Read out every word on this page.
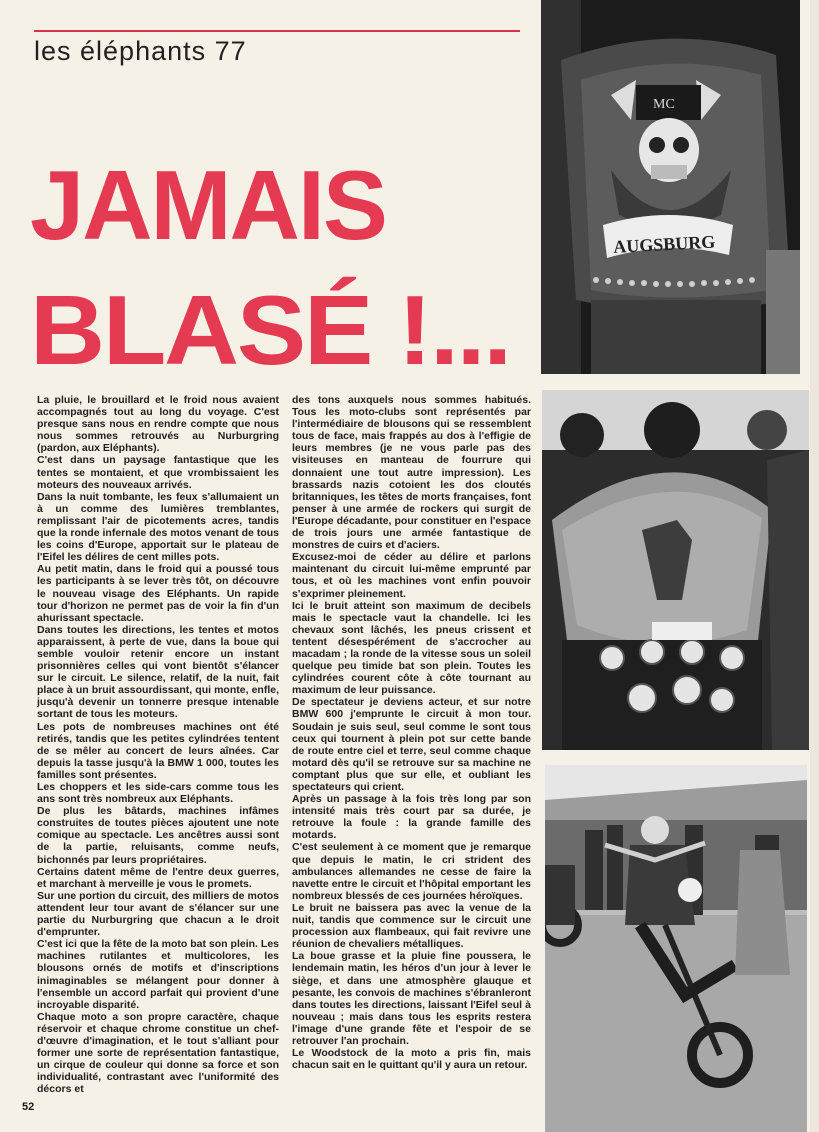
les éléphants 77
JAMAIS
BLASÉ !...

La pluie, le brouillard et le froid nous avaient accompagnés tout au long du voyage. C'est presque sans nous en rendre compte que nous nous sommes retrouvés au Nurburgring (pardon, aux Eléphants).

C'est dans un paysage fantastique que les tentes se montaient, et que vrombissaient les moteurs des nouveaux arrivés.

Dans la nuit tombante, les feux s'allumaient un à un comme des lumières tremblantes, remplissant l'air de picotements acres, tandis que la ronde infernale des motos venant de tous les coins d'Europe, apportait sur le plateau de l'Eifel les délires de cent milles pots.

Au petit matin, dans le froid qui a poussé tous les participants à se lever très tôt, on découvre le nouveau visage des Eléphants. Un rapide tour d'horizon ne permet pas de voir la fin d'un ahurissant spectacle.

Dans toutes les directions, les tentes et motos apparaissent, à perte de vue, dans la boue qui semble vouloir retenir encore un instant prisonnières celles qui vont bientôt s'élancer sur le circuit. Le silence, relatif, de la nuit, fait place à un bruit assourdissant, qui monte, enfle, jusqu'à devenir un tonnerre presque intenable sortant de tous les moteurs.

Les pots de nombreuses machines ont été retirés, tandis que les petites cylindrées tentent de se mêler au concert de leurs aînées. Car depuis la tasse jusqu'à la BMW 1 000, toutes les familles sont présentes.

Les choppers et les side-cars comme tous les ans sont très nombreux aux Eléphants.

De plus les bâtards, machines infâmes construites de toutes pièces ajoutent une note comique au spectacle. Les ancêtres aussi sont de la partie, reluisants, comme neufs, bichonnés par leurs propriétaires.

Certains datent même de l'entre deux guerres, et marchant à merveille je vous le promets.

Sur une portion du circuit, des milliers de motos attendent leur tour avant de s'élancer sur une partie du Nurburgring que chacun a le droit d'emprunter.

C'est ici que la fête de la moto bat son plein. Les machines rutilantes et multicolores, les blousons ornés de motifs et d'inscriptions inimaginables se mélangent pour donner à l'ensemble un accord parfait qui provient d'une incroyable disparité.

Chaque moto a son propre caractère, chaque réservoir et chaque chrome constitue un chef-d'œuvre d'imagination, et le tout s'alliant pour former une sorte de représentation fantastique, un cirque de couleur qui donne sa force et son individualité, contrastant avec l'uniformité des décors et

des tons auxquels nous sommes habitués. Tous les moto-clubs sont représentés par l'intermédiaire de blousons qui se ressemblent tous de face, mais frappés au dos à l'effigie de leurs membres (je ne vous parle pas des visiteuses en manteau de fourrure qui donnaient une tout autre impression). Les brassards nazis cotoient les dos cloutés britanniques, les têtes de morts françaises, font penser à une armée de rockers qui surgit de l'Europe décadante, pour constituer en l'espace de trois jours une armée fantastique de monstres de cuirs et d'aciers.

Excusez-moi de céder au délire et parlons maintenant du circuit lui-même emprunté par tous, et où les machines vont enfin pouvoir s'exprimer pleinement.

Ici le bruit atteint son maximum de decibels mais le spectacle vaut la chandelle. Ici les chevaux sont lâchés, les pneus crissent et tentent désespérément de s'accrocher au macadam ; la ronde de la vitesse sous un soleil quelque peu timide bat son plein. Toutes les cylindrées courent côte à côte tournant au maximum de leur puissance.

De spectateur je deviens acteur, et sur notre BMW 600 j'emprunte le circuit à mon tour. Soudain je suis seul, seul comme le sont tous ceux qui tournent à plein pot sur cette bande de route entre ciel et terre, seul comme chaque motard dès qu'il se retrouve sur sa machine ne comptant plus que sur elle, et oubliant les spectateurs qui crient.

Après un passage à la fois très long par son intensité mais très court par sa durée, je retrouve la foule : la grande famille des motards.

C'est seulement à ce moment que je remarque que depuis le matin, le cri strident des ambulances allemandes ne cesse de faire la navette entre le circuit et l'hôpital emportant les nombreux blessés de ces journées héroïques.

Le bruit ne baissera pas avec la venue de la nuit, tandis que commence sur le circuit une procession aux flambeaux, qui fait revivre une réunion de chevaliers métalliques.

La boue grasse et la pluie fine poussera, le lendemain matin, les héros d'un jour à lever le siège, et dans une atmosphère glauque et pesante, les convois de machines s'ébranleront dans toutes les directions, laissant l'Eifel seul à nouveau ; mais dans tous les esprits restera l'image d'une grande fête et l'espoir de se retrouver l'an prochain.

Le Woodstock de la moto a pris fin, mais chacun sait en le quittant qu'il y aura un retour.

52
MC
AUGSBURG
